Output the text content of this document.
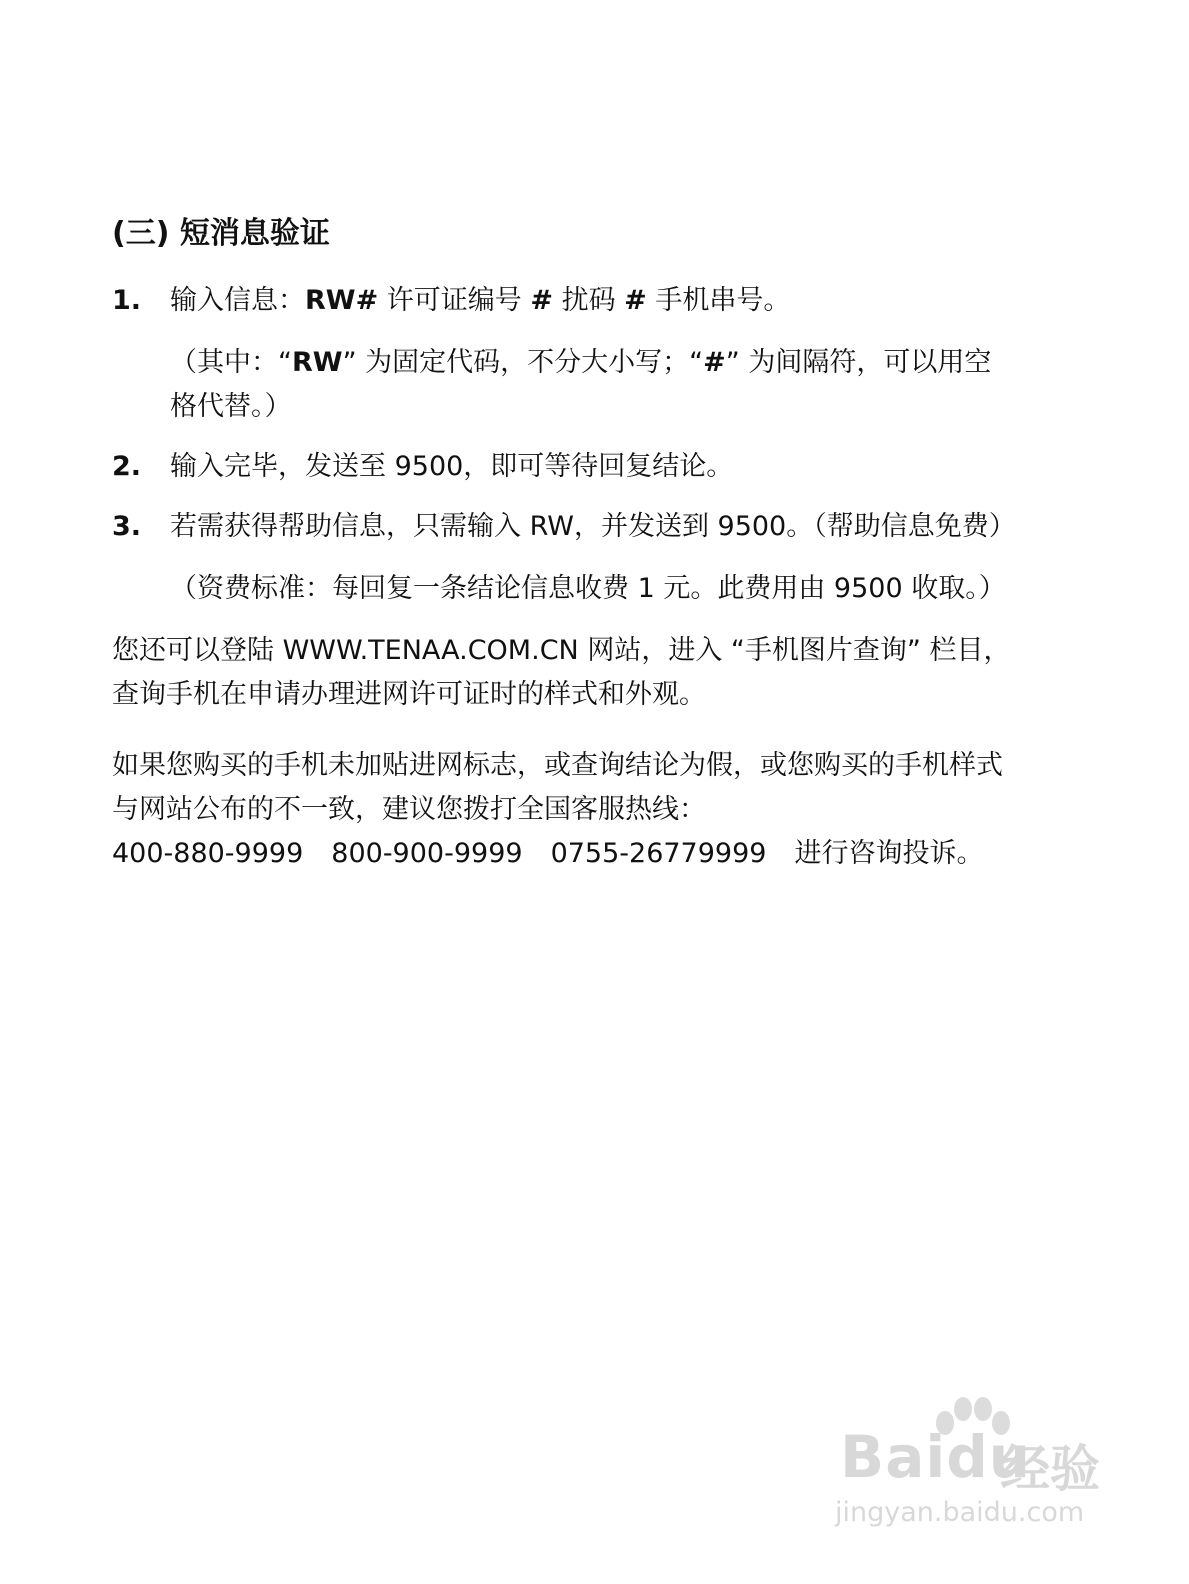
(三) 短消息验证
1. 输入信息：RW# 许可证编号 # 扰码 # 手机串号。
（其中：“RW” 为固定代码，不分大小写；“#” 为间隔符，可以用空格代替。）
2. 输入完毕，发送至 9500，即可等待回复结论。
3. 若需获得帮助信息，只需输入 RW，并发送到 9500。（帮助信息免费）
（资费标准：每回复一条结论信息收费 1 元。此费用由 9500 收取。）

您还可以登陆 WWW.TENAA.COM.CN 网站，进入 “手机图片查询” 栏目，查询手机在申请办理进网许可证时的样式和外观。

如果您购买的手机未加贴进网标志，或查询结论为假，或您购买的手机样式与网站公布的不一致，建议您拨打全国客服热线：
400-880-9999 800-900-9999 0755-26779999 进行咨询投诉。

Baidu
经验
jingyan.baidu.com
